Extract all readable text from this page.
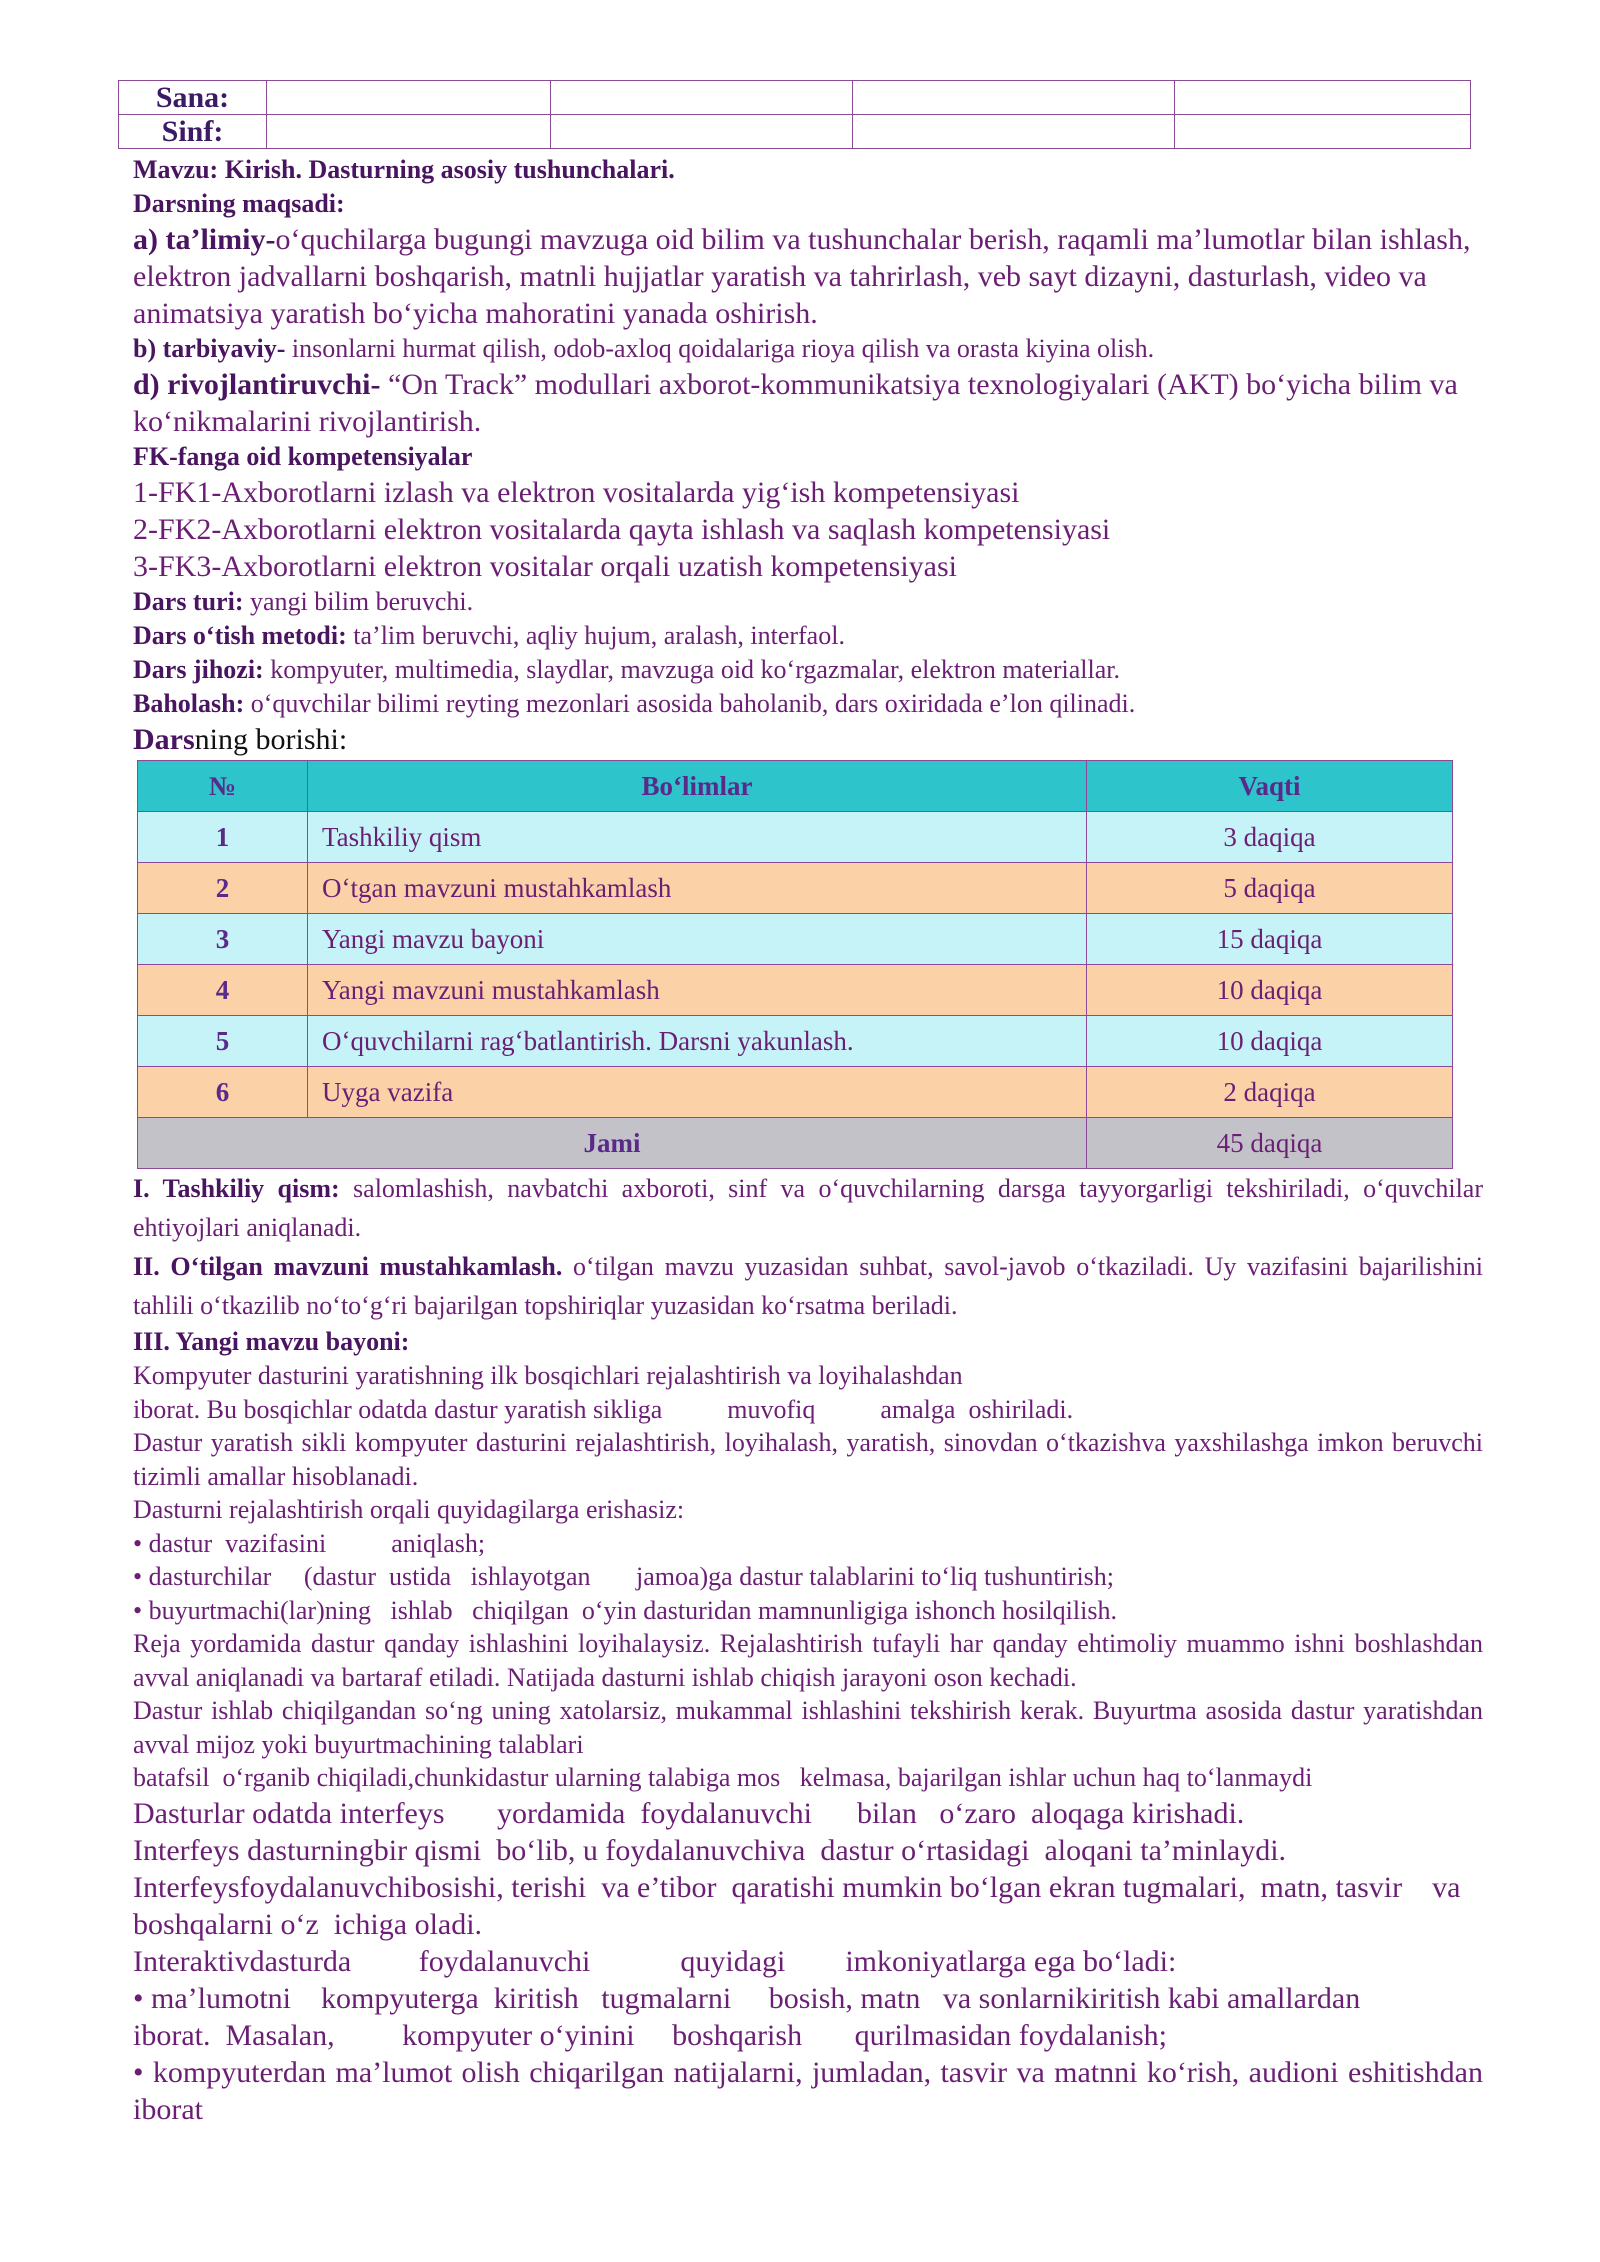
Sana:				
Sinf:				

Mavzu: Kirish. Dasturning asosiy tushunchalari.

Darsning maqsadi:

a) ta’limiy-o‘quchilarga bugungi mavzuga oid bilim va tushunchalar berish, raqamli ma’lumotlar bilan ishlash, elektron jadvallarni boshqarish, matnli hujjatlar yaratish va tahrirlash, veb sayt dizayni, dasturlash, video va animatsiya yaratish bo‘yicha mahoratini yanada oshirish.

b) tarbiyaviy- insonlarni hurmat qilish, odob-axloq qoidalariga rioya qilish va orasta kiyina olish.

d) rivojlantiruvchi- “On Track” modullari axborot-kommunikatsiya texnologiyalari (AKT) bo‘yicha bilim va ko‘nikmalarini rivojlantirish.

FK-fanga oid kompetensiyalar

1-FK1-Axborotlarni izlash va elektron vositalarda yig‘ish kompetensiyasi

2-FK2-Axborotlarni elektron vositalarda qayta ishlash va saqlash kompetensiyasi

3-FK3-Axborotlarni elektron vositalar orqali uzatish kompetensiyasi

Dars turi: yangi bilim beruvchi.

Dars o‘tish metodi: ta’lim beruvchi, aqliy hujum, aralash, interfaol.

Dars jihozi: kompyuter, multimedia, slaydlar, mavzuga oid ko‘rgazmalar, elektron materiallar.

Baholash: o‘quvchilar bilimi reyting mezonlari asosida baholanib, dars oxiridada e’lon qilinadi.

Darsning borishi:

№	Bo‘limlar	Vaqti
1	Tashkiliy qism	3 daqiqa
2	O‘tgan mavzuni mustahkamlash	5 daqiqa
3	Yangi mavzu bayoni	15 daqiqa
4	Yangi mavzuni mustahkamlash	10 daqiqa
5	O‘quvchilarni rag‘batlantirish. Darsni yakunlash.	10 daqiqa
6	Uyga vazifa	2 daqiqa
Jami		45 daqiqa

I. Tashkiliy qism: salomlashish, navbatchi axboroti, sinf va o‘quvchilarning darsga tayyorgarligi tekshiriladi, o‘quvchilar ehtiyojlari aniqlanadi.

II. O‘tilgan mavzuni mustahkamlash. o‘tilgan mavzu yuzasidan suhbat, savol-javob o‘tkaziladi. Uy vazifasini bajarilishini tahlili o‘tkazilib no‘to‘g‘ri bajarilgan topshiriqlar yuzasidan ko‘rsatma beriladi.

III. Yangi mavzu bayoni:

Kompyuter dasturini yaratishning ilk bosqichlari rejalashtirish va loyihalashdan

iborat. Bu bosqichlar odatda dastur yaratish sikliga          muvofiq          amalga  oshiriladi.

Dastur yaratish sikli kompyuter dasturini rejalashtirish, loyihalash, yaratish, sinovdan o‘tkazishva yaxshilashga imkon beruvchi tizimli amallar hisoblanadi.

Dasturni rejalashtirish orqali quyidagilarga erishasiz:

• dastur  vazifasini          aniqlash;

• dasturchilar     (dastur  ustida   ishlayotgan       jamoa)ga dastur talablarini to‘liq tushuntirish;

• buyurtmachi(lar)ning   ishlab   chiqilgan  o‘yin dasturidan mamnunligiga ishonch hosilqilish.

Reja yordamida dastur qanday ishlashini loyihalaysiz. Rejalashtirish tufayli har qanday ehtimoliy muammo ishni boshlashdan avval aniqlanadi va bartaraf etiladi. Natijada dasturni ishlab chiqish jarayoni oson kechadi.

Dastur ishlab chiqilgandan so‘ng uning xatolarsiz, mukammal ishlashini tekshirish kerak. Buyurtma asosida dastur yaratishdan avval mijoz yoki buyurtmachining talablari

batafsil  o‘rganib chiqiladi,chunkidastur ularning talabiga mos   kelmasa, bajarilgan ishlar uchun haq to‘lanmaydi

Dasturlar odatda interfeys       yordamida  foydalanuvchi      bilan   o‘zaro  aloqaga kirishadi.

Interfeys dasturningbir qismi  bo‘lib, u foydalanuvchiva  dastur o‘rtasidagi  aloqani ta’minlaydi.

Interfeysfoydalanuvchibosishi, terishi  va e’tibor  qaratishi mumkin bo‘lgan ekran tugmalari,  matn, tasvir    va boshqalarni o‘z  ichiga oladi.

Interaktivdasturda         foydalanuvchi            quyidagi        imkoniyatlarga ega bo‘ladi:

• ma’lumotni    kompyuterga  kiritish   tugmalarni     bosish, matn   va sonlarnikiritish kabi amallardan       iborat.  Masalan,         kompyuter o‘yinini     boshqarish       qurilmasidan foydalanish;

• kompyuterdan ma’lumot olish chiqarilgan natijalarni, jumladan, tasvir va matnni ko‘rish, audioni eshitishdan iborat
